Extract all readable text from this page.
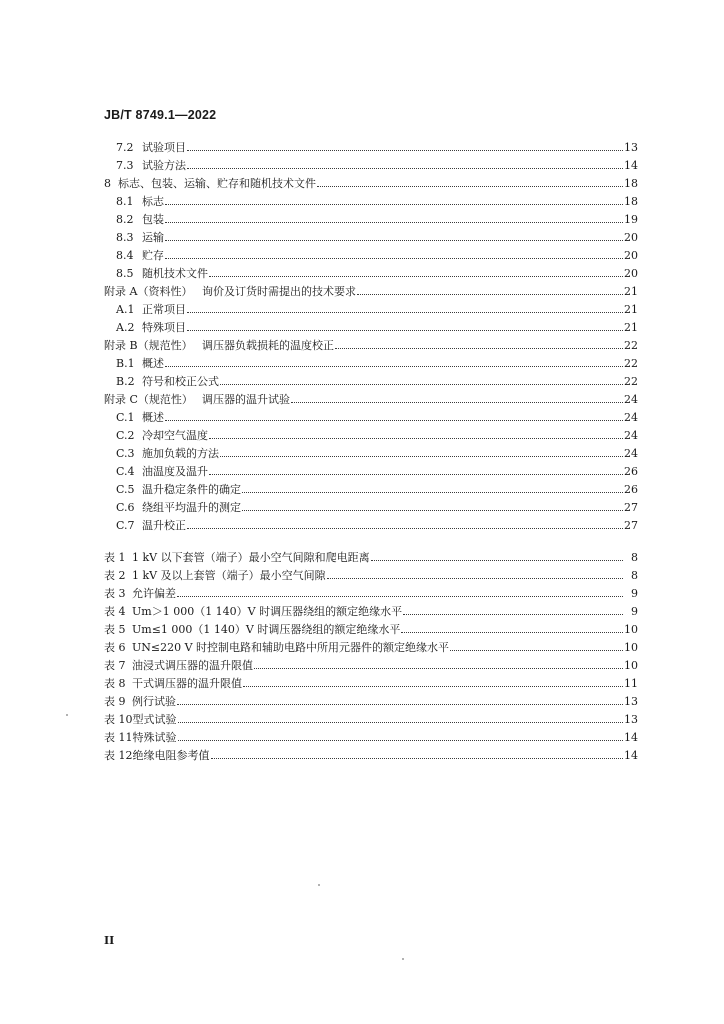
JB/T 8749.1—2022
7.2 试验项目	13
7.3 试验方法	14
8 标志、包装、运输、贮存和随机技术文件	18
8.1 标志	18
8.2 包装	19
8.3 运输	20
8.4 贮存	20
8.5 随机技术文件	20
附录 A（资料性） 询价及订货时需提出的技术要求	21
A.1 正常项目	21
A.2 特殊项目	21
附录 B（规范性） 调压器负载损耗的温度校正	22
B.1 概述	22
B.2 符号和校正公式	22
附录 C（规范性） 调压器的温升试验	24
C.1 概述	24
C.2 冷却空气温度	24
C.3 施加负载的方法	24
C.4 油温度及温升	26
C.5 温升稳定条件的确定	26
C.6 绕组平均温升的测定	27
C.7 温升校正	27
表 1 1 kV 以下套管（端子）最小空气间隙和爬电距离	8
表 2 1 kV 及以上套管（端子）最小空气间隙	8
表 3 允许偏差	9
表 4 Um＞1 000（1 140）V 时调压器绕组的额定绝缘水平	9
表 5 Um≤1 000（1 140）V 时调压器绕组的额定绝缘水平	10
表 6 UN≤220 V 时控制电路和辅助电路中所用元器件的额定绝缘水平	10
表 7 油浸式调压器的温升限值	10
表 8 干式调压器的温升限值	11
表 9 例行试验	13
表 10 型式试验	13
表 11 特殊试验	14
表 12 绝缘电阻参考值	14
II
